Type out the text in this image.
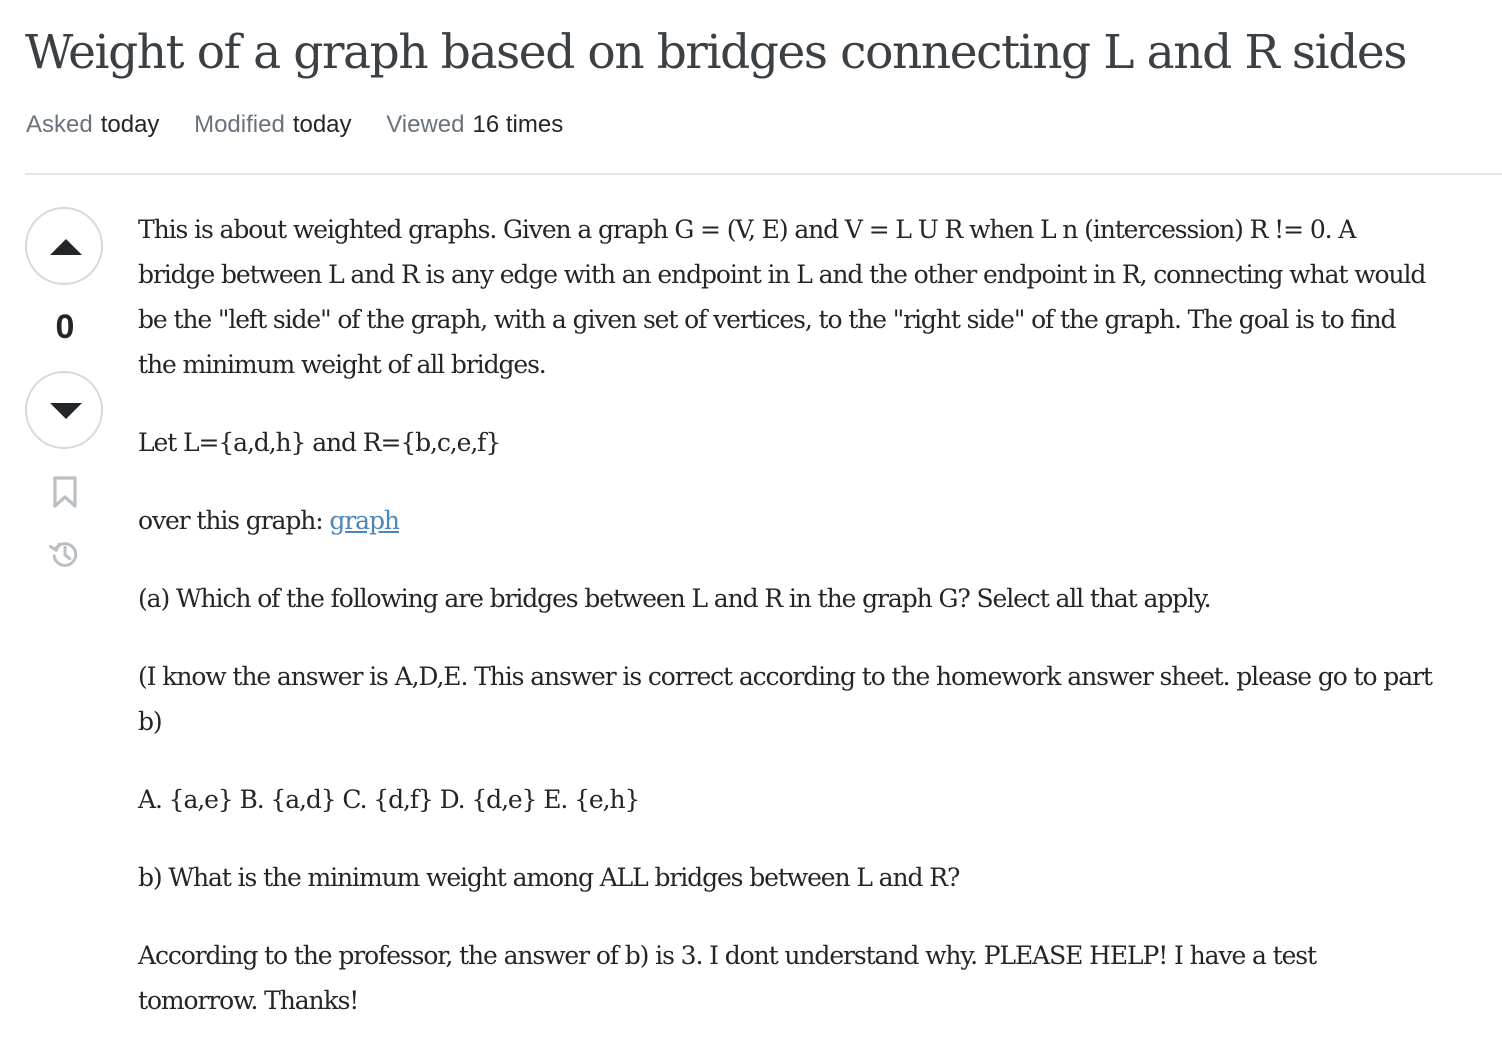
Weight of a graph based on bridges connecting L and R sides
Asked today Modified today Viewed 16 times
0

This is about weighted graphs. Given a graph G = (V, E) and V = L U R when L n (intercession) R != 0. A bridge between L and R is any edge with an endpoint in L and the other endpoint in R, connecting what would be the "left side" of the graph, with a given set of vertices, to the "right side" of the graph. The goal is to find the minimum weight of all bridges.

Let L={a,d,h} and R={b,c,e,f}

over this graph: graph

(a) Which of the following are bridges between L and R in the graph G? Select all that apply.

(I know the answer is A,D,E. This answer is correct according to the homework answer sheet. please go to part b)

A. {a,e} B. {a,d} C. {d,f} D. {d,e} E. {e,h}

b) What is the minimum weight among ALL bridges between L and R?

According to the professor, the answer of b) is 3. I dont understand why. PLEASE HELP! I have a test tomorrow. Thanks!
